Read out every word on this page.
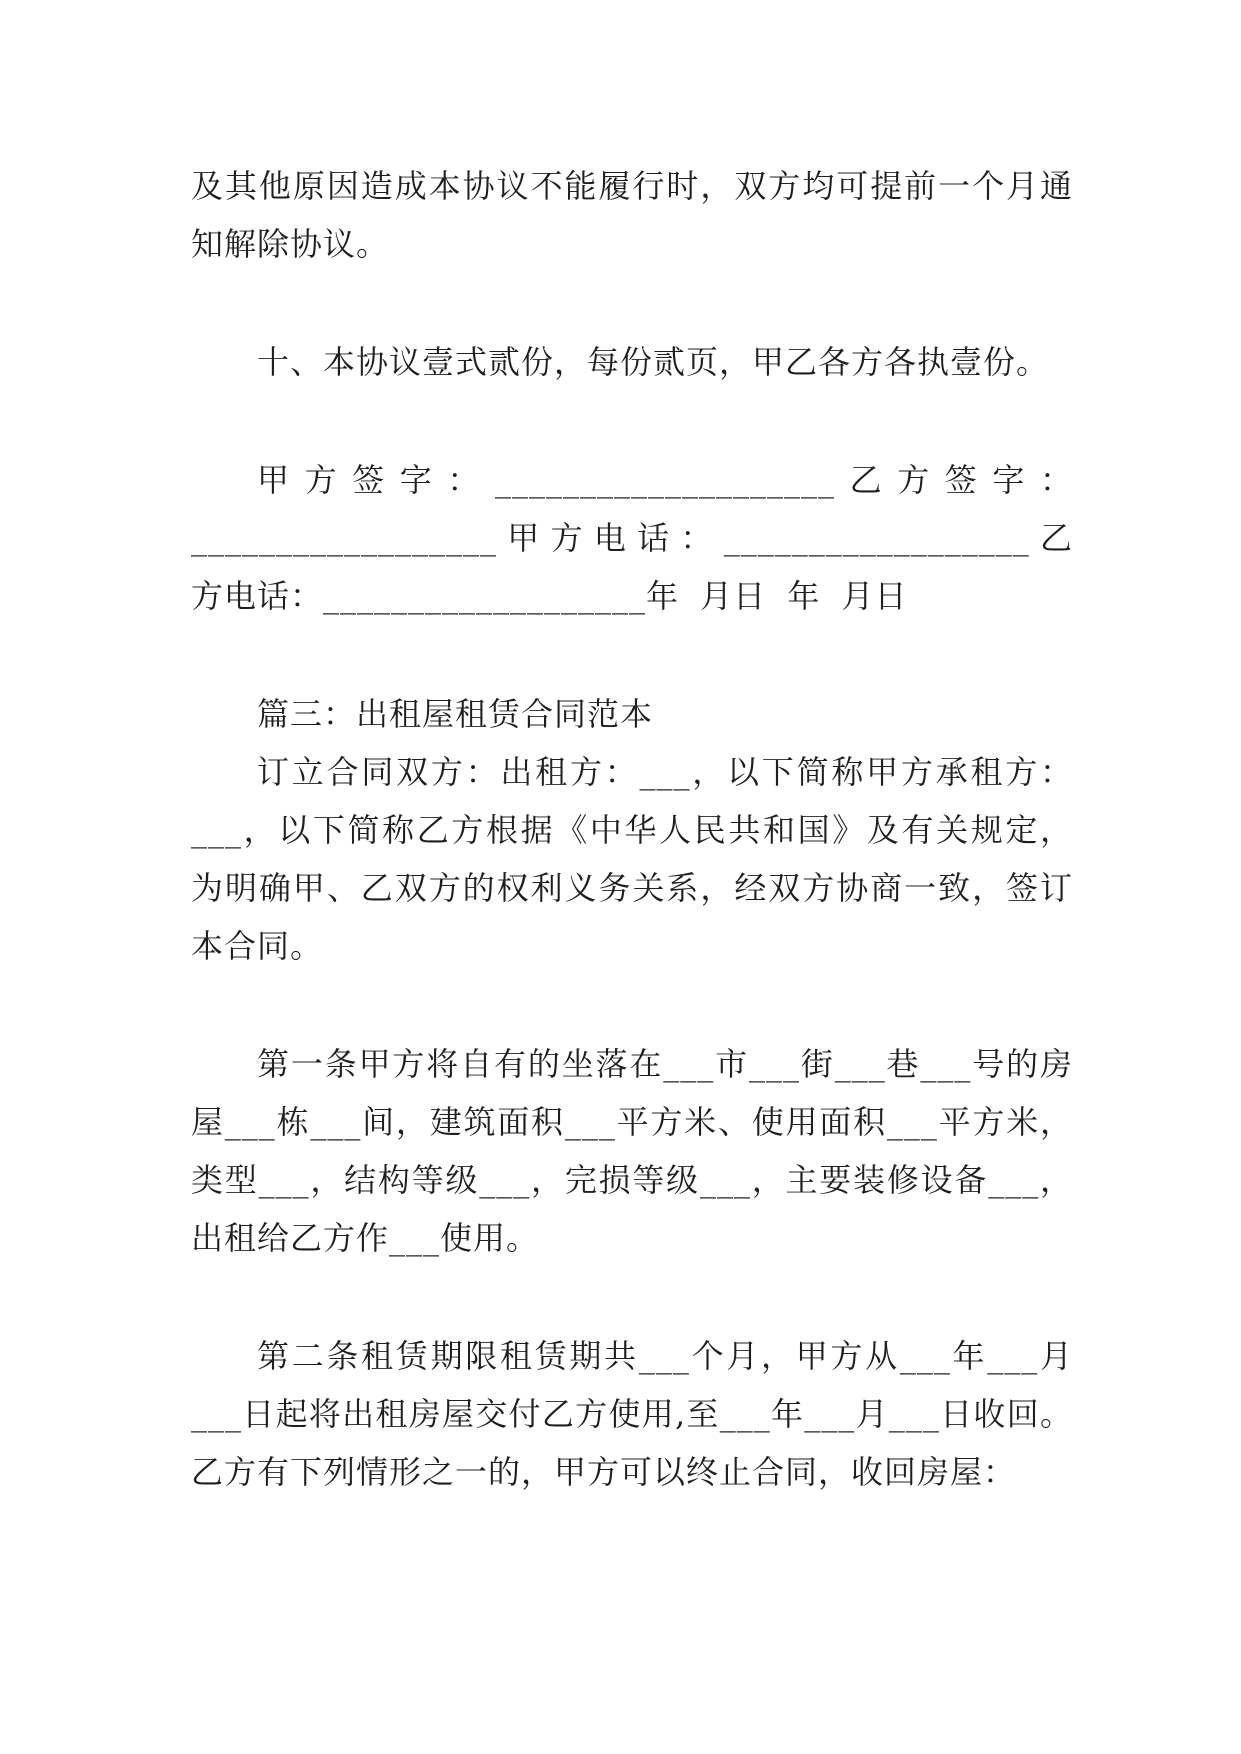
及其他原因造成本协议不能履行时，双方均可提前一个月通
知解除协议。
十、本协议壹式贰份，每份贰页，甲乙各方各执壹份。
甲方签字：____________________乙方签字：
__________________甲方电话：__________________乙
方电话：___________________年 月日 年 月日
篇三：出租屋租赁合同范本
订立合同双方：出租方：___，以下简称甲方承租方：
___，以下简称乙方根据《中华人民共和国》及有关规定，
为明确甲、乙双方的权利义务关系，经双方协商一致，签订
本合同。
第一条甲方将自有的坐落在___市___街___巷___号的房
屋___栋___间，建筑面积___平方米、使用面积___平方米，
类型___，结构等级___，完损等级___，主要装修设备___，
出租给乙方作___使用。
第二条租赁期限租赁期共___个月，甲方从___年___月
___日起将出租房屋交付乙方使用,至___年___月___日收回。
乙方有下列情形之一的，甲方可以终止合同，收回房屋：
